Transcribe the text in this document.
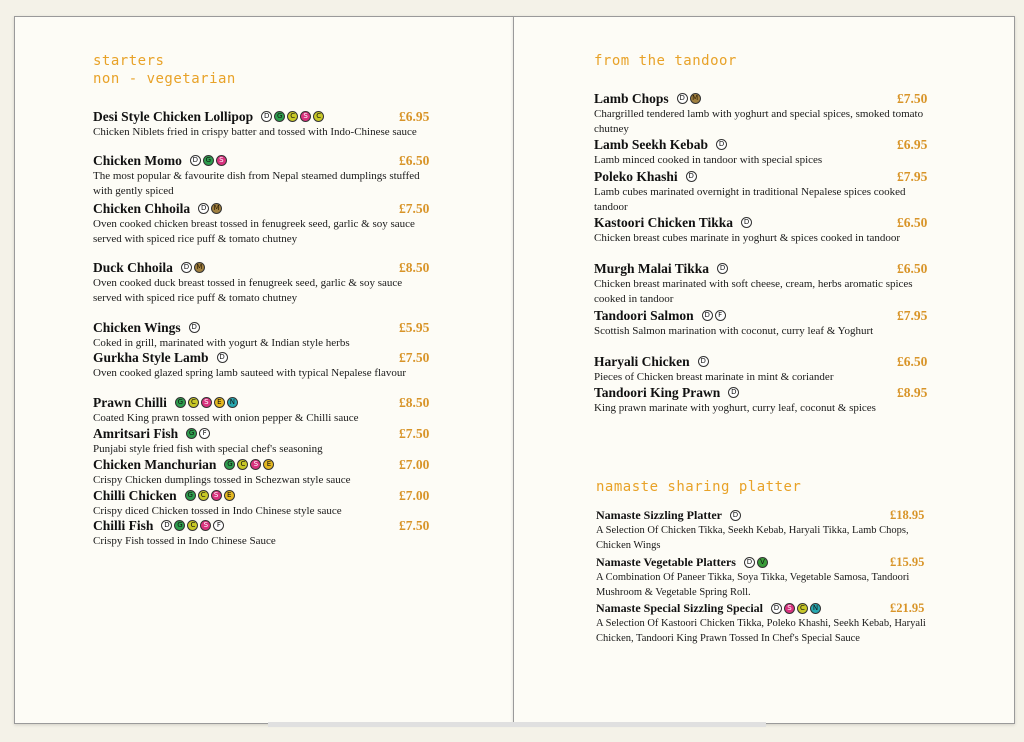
starters
non - vegetarian
Desi Style Chicken Lollipop	D	G	C	S	C	£6.95
Chicken Niblets fried in crispy batter and tossed with Indo-Chinese sauce
Chicken Momo	D	G	S	£6.50
The most popular & favourite dish from Nepal steamed dumplings stuffed with gently spiced
Chicken Chhoila	D	M	£7.50
Oven cooked chicken breast tossed in fenugreek seed, garlic & soy sauce served with spiced rice puff & tomato chutney
Duck Chhoila	D	M	£8.50
Oven cooked duck breast tossed in fenugreek seed, garlic & soy sauce served with spiced rice puff & tomato chutney
Chicken Wings	D	£5.95
Coked in grill, marinated with yogurt & Indian style herbs
Gurkha Style Lamb	D	£7.50
Oven cooked glazed spring lamb sauteed with typical Nepalese flavour
Prawn Chilli	G	C	S	E	N	£8.50
Coated King prawn tossed with onion pepper & Chilli sauce
Amritsari Fish	G	F	£7.50
Punjabi style fried fish with special chef's seasoning
Chicken Manchurian	G	C	S	E	£7.00
Crispy Chicken dumplings tossed in Schezwan style sauce
Chilli Chicken	G	C	S	E	£7.00
Crispy diced Chicken tossed in Indo Chinese style sauce
Chilli Fish	D	G	C	S	F	£7.50
Crispy Fish tossed in Indo Chinese Sauce
from the tandoor
Lamb Chops	D	M	£7.50
Chargrilled tendered lamb with yoghurt and special spices, smoked tomato chutney
Lamb Seekh Kebab	D	£6.95
Lamb minced cooked in tandoor with special spices
Poleko Khashi	D	£7.95
Lamb cubes marinated overnight in traditional Nepalese spices cooked tandoor
Kastoori Chicken Tikka	D	£6.50
Chicken breast cubes marinate in yoghurt & spices cooked in tandoor
Murgh Malai Tikka	D	£6.50
Chicken breast marinated with soft cheese, cream, herbs aromatic spices cooked in tandoor
Tandoori Salmon	D	F	£7.95
Scottish Salmon marination with coconut, curry leaf & Yoghurt
Haryali Chicken	D	£6.50
Pieces of Chicken breast marinate in mint & coriander
Tandoori King Prawn	D	£8.95
King prawn marinate with yoghurt, curry leaf, coconut & spices
namaste sharing platter
Namaste Sizzling Platter	D	£18.95
A Selection Of Chicken Tikka, Seekh Kebab, Haryali Tikka, Lamb Chops, Chicken Wings
Namaste Vegetable Platters	D	V	£15.95
A Combination Of Paneer Tikka, Soya Tikka, Vegetable Samosa, Tandoori Mushroom & Vegetable Spring Roll.
Namaste Special Sizzling Special	D	S	C	N	£21.95
A Selection Of Kastoori Chicken Tikka, Poleko Khashi, Seekh Kebab, Haryali Chicken, Tandoori King Prawn Tossed In Chef's Special Sauce
